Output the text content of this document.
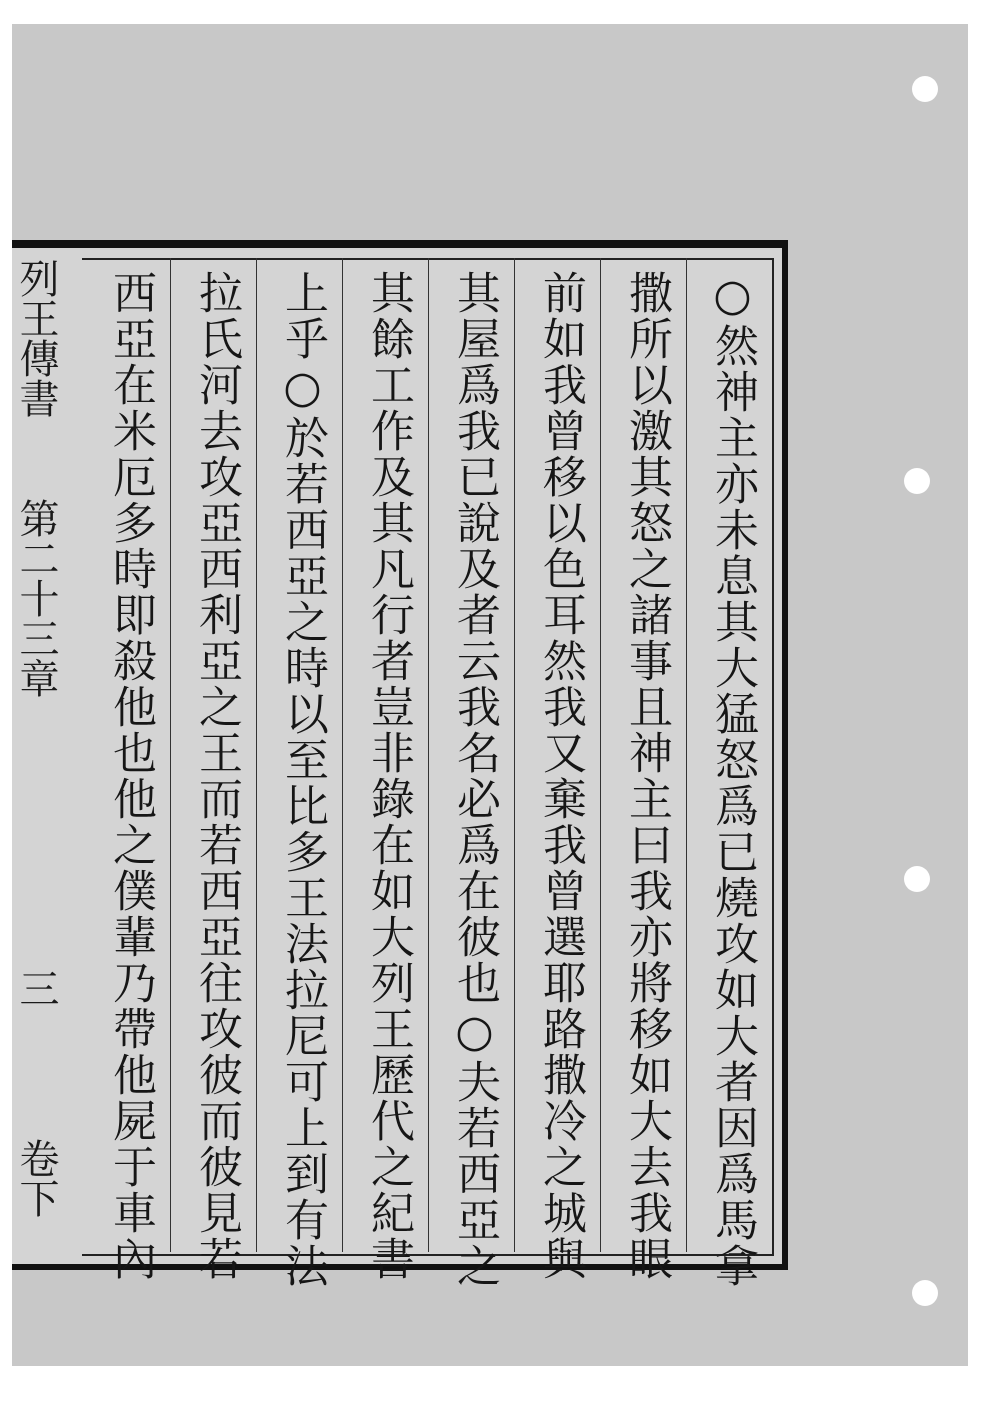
○然神主亦未息其大猛怒爲已燒攻如大者因爲馬拿
撒所以激其怒之諸事且神主曰我亦將移如大去我眼
前如我曾移以色耳然我又棄我曾選耶路撒冷之城與
其屋爲我已說及者云我名必爲在彼也○夫若西亞之
其餘工作及其凡行者豈非錄在如大列王歷代之紀書
上乎○於若西亞之時以至比多王法拉尼可上到有法
拉氏河去攻亞西利亞之王而若西亞往攻彼而彼見若
西亞在米厄多時即殺他也他之僕輩乃帶他屍于車內
列王傳書
第二十三章
三
卷下
